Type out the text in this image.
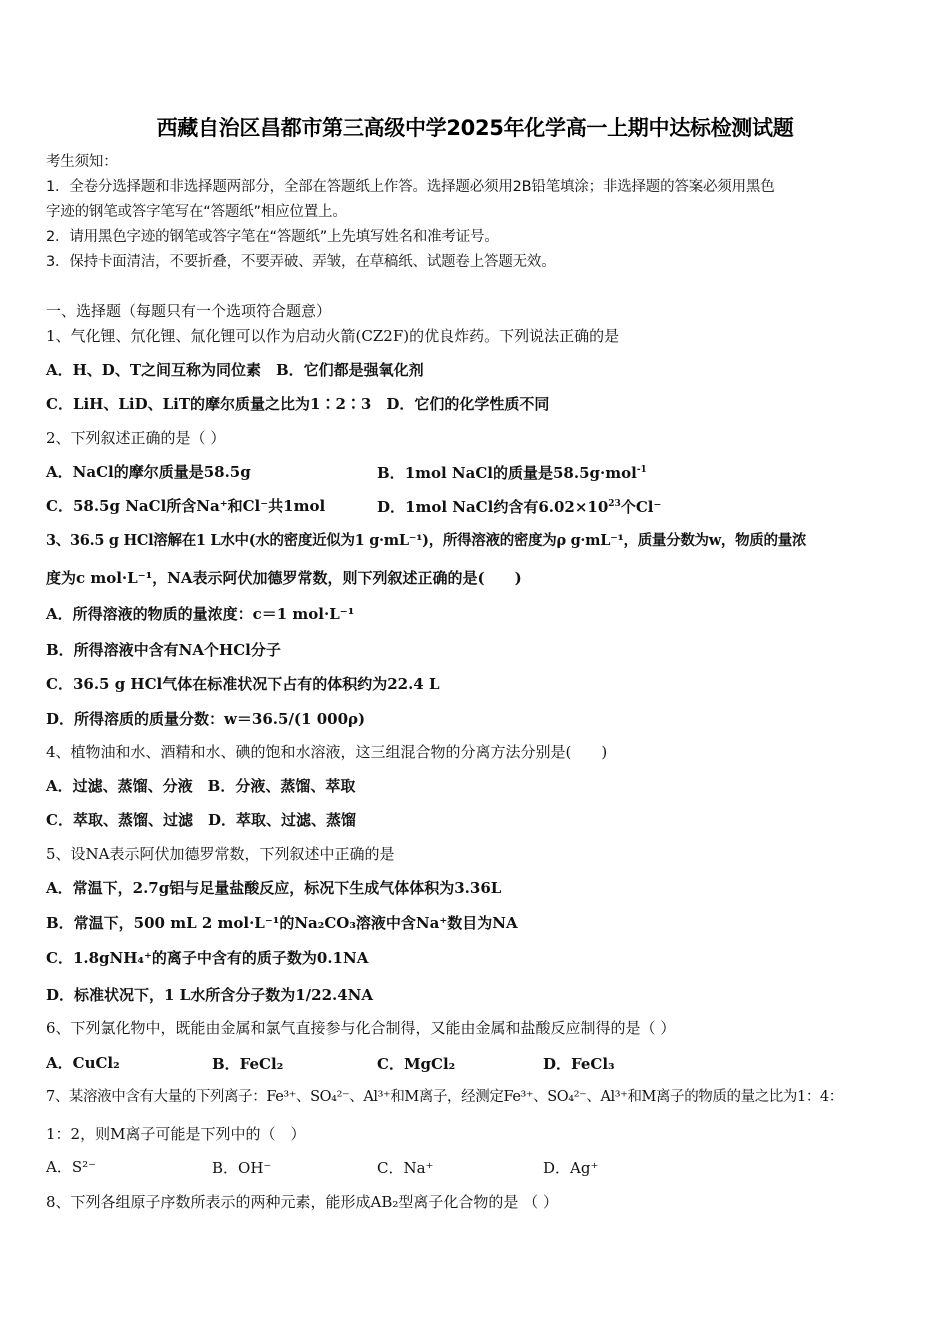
西藏自治区昌都市第三高级中学2025年化学高一上期中达标检测试题
考生须知：
1．全卷分选择题和非选择题两部分，全部在答题纸上作答。选择题必须用2B铅笔填涂；非选择题的答案必须用黑色
字迹的钢笔或答字笔写在“答题纸”相应位置上。
2．请用黑色字迹的钢笔或答字笔在“答题纸”上先填写姓名和准考证号。
3．保持卡面清洁，不要折叠，不要弄破、弄皱，在草稿纸、试题卷上答题无效。
一、选择题（每题只有一个选项符合题意）
1、气化锂、氘化锂、氚化锂可以作为启动火箭(CZ2F)的优良炸药。下列说法正确的是
A．H、D、T之间互称为同位素　B．它们都是强氧化剂
C．LiH、LiD、LiT的摩尔质量之比为1∶2∶3　D．它们的化学性质不同
2、下列叙述正确的是（ ）
A．NaCl的摩尔质量是58.5g	B．1mol NaCl的质量是58.5g·mol$^{-1}$
C．58.5g NaCl所含Na⁺和Cl⁻共1mol	D．1mol NaCl约含有$6.02\times 10^{23}$个Cl⁻
3、36.5 g HCl溶解在1 L水中(水的密度近似为1 g·mL⁻¹)，所得溶液的密度为ρ g·mL⁻¹，质量分数为w，物质的量浓
度为c mol·L⁻¹，NA表示阿伏加德罗常数，则下列叙述正确的是(　　)
A．所得溶液的物质的量浓度：c＝1 mol·L⁻¹
B．所得溶液中含有NA个HCl分子
C．36.5 g HCl气体在标准状况下占有的体积约为22.4 L
D．所得溶质的质量分数：w＝36.5/(1 000ρ)
4、植物油和水、酒精和水、碘的饱和水溶液，这三组混合物的分离方法分别是(　　)
A．过滤、蒸馏、分液　B．分液、蒸馏、萃取
C．萃取、蒸馏、过滤　D．萃取、过滤、蒸馏
5、设NA表示阿伏加德罗常数，下列叙述中正确的是
A．常温下，2.7g铝与足量盐酸反应，标况下生成气体体积为3.36L
B．常温下，500 mL 2 mol·L⁻¹的Na₂CO₃溶液中含Na⁺数目为NA
C．1.8gNH₄⁺的离子中含有的质子数为0.1NA
D．标准状况下，1 L水所含分子数为1/22.4NA
6、下列氯化物中，既能由金属和氯气直接参与化合制得，又能由金属和盐酸反应制得的是（ ）
A．CuCl₂	B．FeCl₂	C．MgCl₂	D．FeCl₃
7、某溶液中含有大量的下列离子：Fe³⁺、SO₄²⁻、Al³⁺和M离子，经测定Fe³⁺、SO₄²⁻、Al³⁺和M离子的物质的量之比为1：4：
1：2，则M离子可能是下列中的（　）
A．S²⁻	B．OH⁻	C．Na⁺	D．Ag⁺
8、下列各组原子序数所表示的两种元素，能形成AB₂型离子化合物的是 （ ）
